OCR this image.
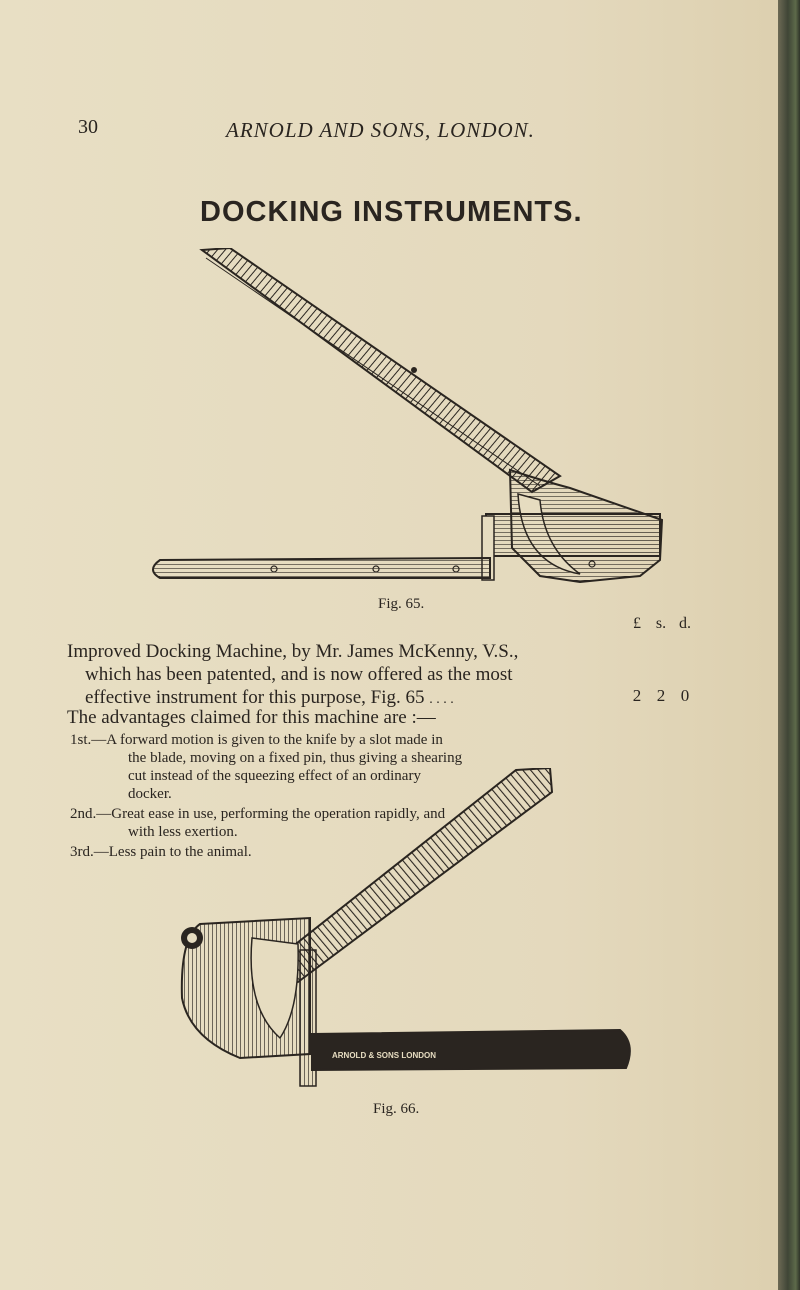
30	ARNOLD AND SONS, LONDON.
DOCKING INSTRUMENTS.
Fig. 65.
£ s. d.
Improved Docking Machine, by Mr. James McKenny, V.S.,
which has been patented, and is now offered as the most
effective instrument for this purpose, Fig. 65 . . . .	2 2 0
The advantages claimed for this machine are :—
1st.—A forward motion is given to the knife by a slot made in
the blade, moving on a fixed pin, thus giving a shearing
cut instead of the squeezing effect of an ordinary
docker.
2nd.—Great ease in use, performing the operation rapidly, and
with less exertion.
3rd.—Less pain to the animal.
ARNOLD & SONS LONDON
Fig. 66.
